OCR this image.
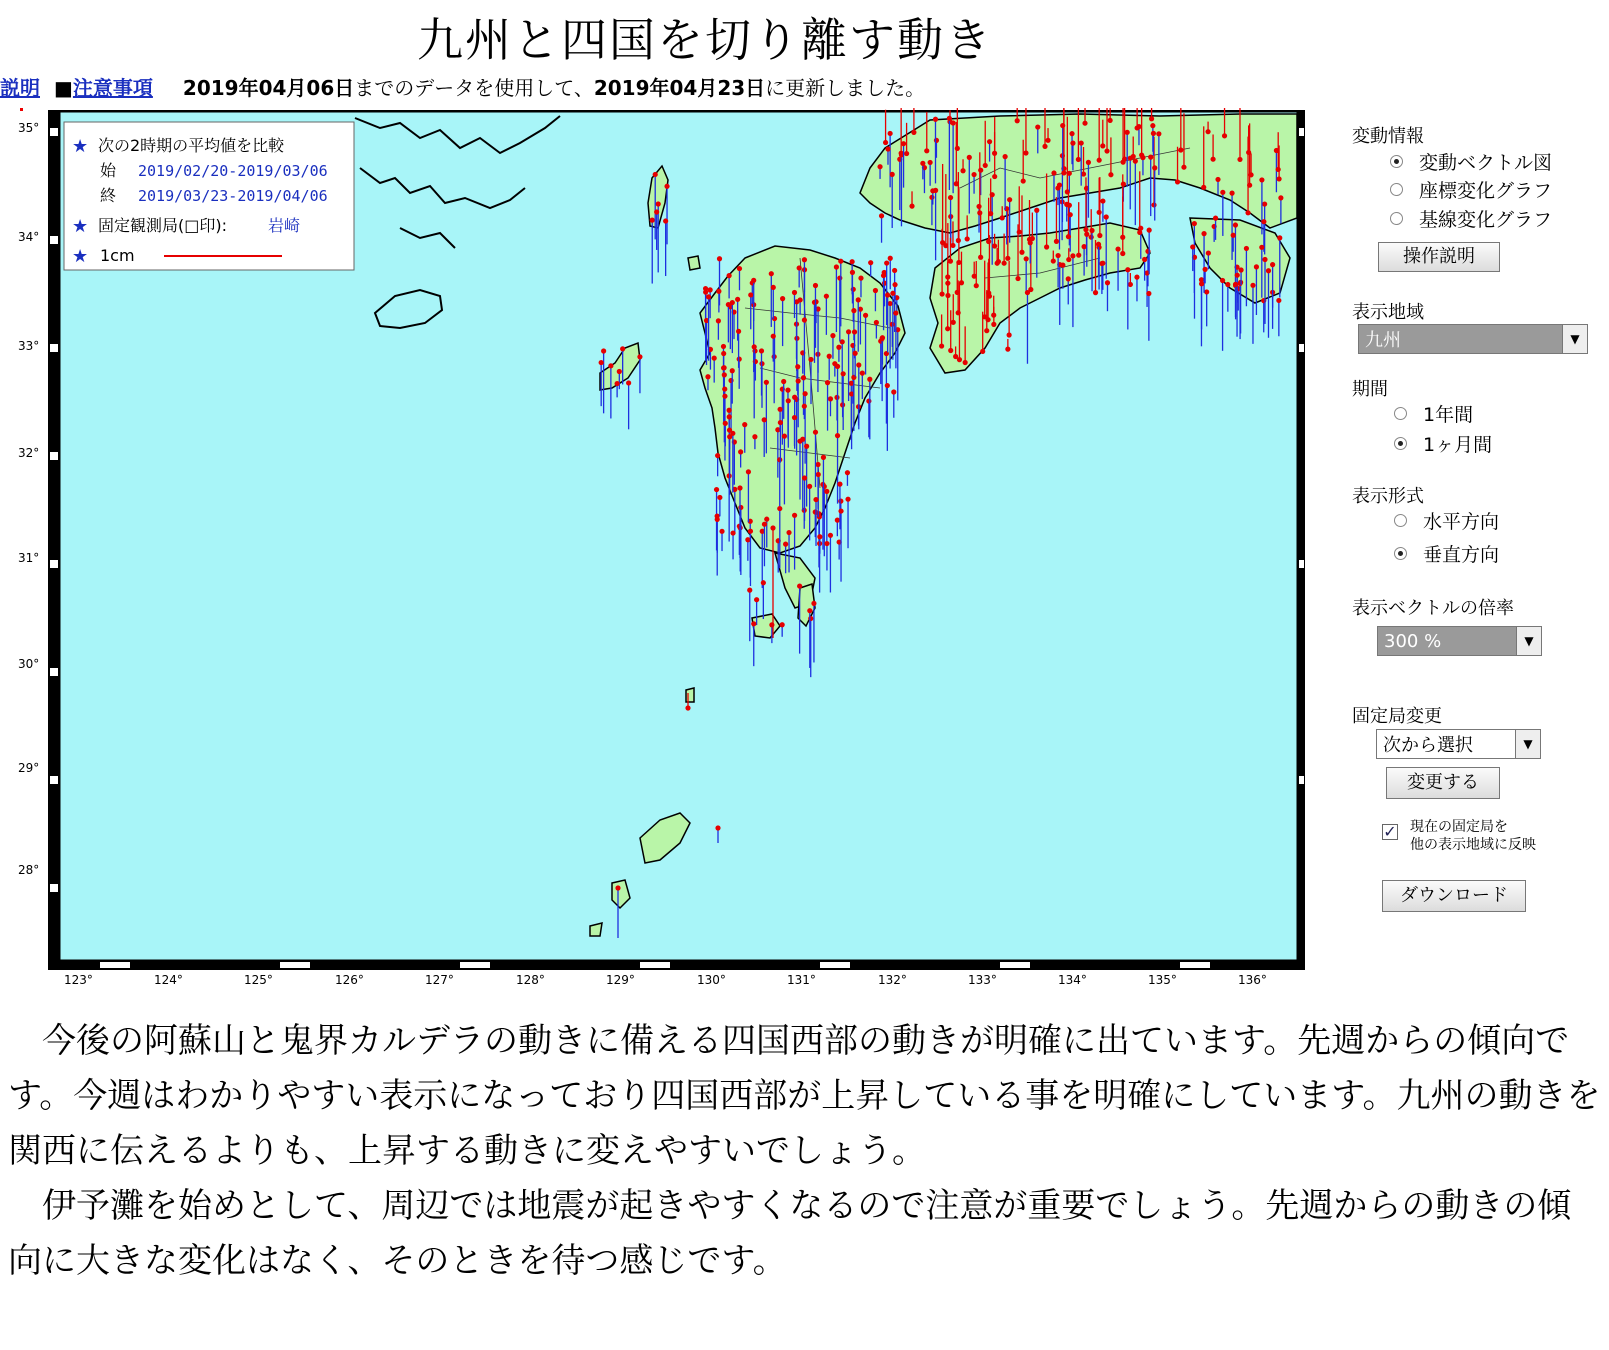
九州と四国を切り離す動き
説明 ■注意事項 2019年04月06日までのデータを使用して、2019年04月23日に更新しました。
★ 次の2時期の平均値を比較
始 2019/02/20-2019/03/06
終 2019/03/23-2019/04/06
★ 固定観測局(□印):	岩崎
★ 1cm
35°
34°
33°
32°
31°
30°
29°
28°
123°	124°	125°	126°	127°	128°	129°	130°	131°	132°	133°	134°	135°	136°
変動情報
変動ベクトル図
座標変化グラフ
基線変化グラフ
操作説明
表示地域
九州	▼
期間
1年間
1ヶ月間
表示形式
水平方向
垂直方向
表示ベクトルの倍率
300 %	▼
固定局変更
次から選択	▼
変更する
✓ 現在の固定局を
他の表示地域に反映
ダウンロード

　今後の阿蘇山と鬼界カルデラの動きに備える四国西部の動きが明確に出ています。先週からの傾向です。今週はわかりやすい表示になっており四国西部が上昇している事を明確にしています。九州の動きを関西に伝えるよりも、上昇する動きに変えやすいでしょう。

　伊予灘を始めとして、周辺では地震が起きやすくなるので注意が重要でしょう。先週からの動きの傾向に大きな変化はなく、そのときを待つ感じです。
